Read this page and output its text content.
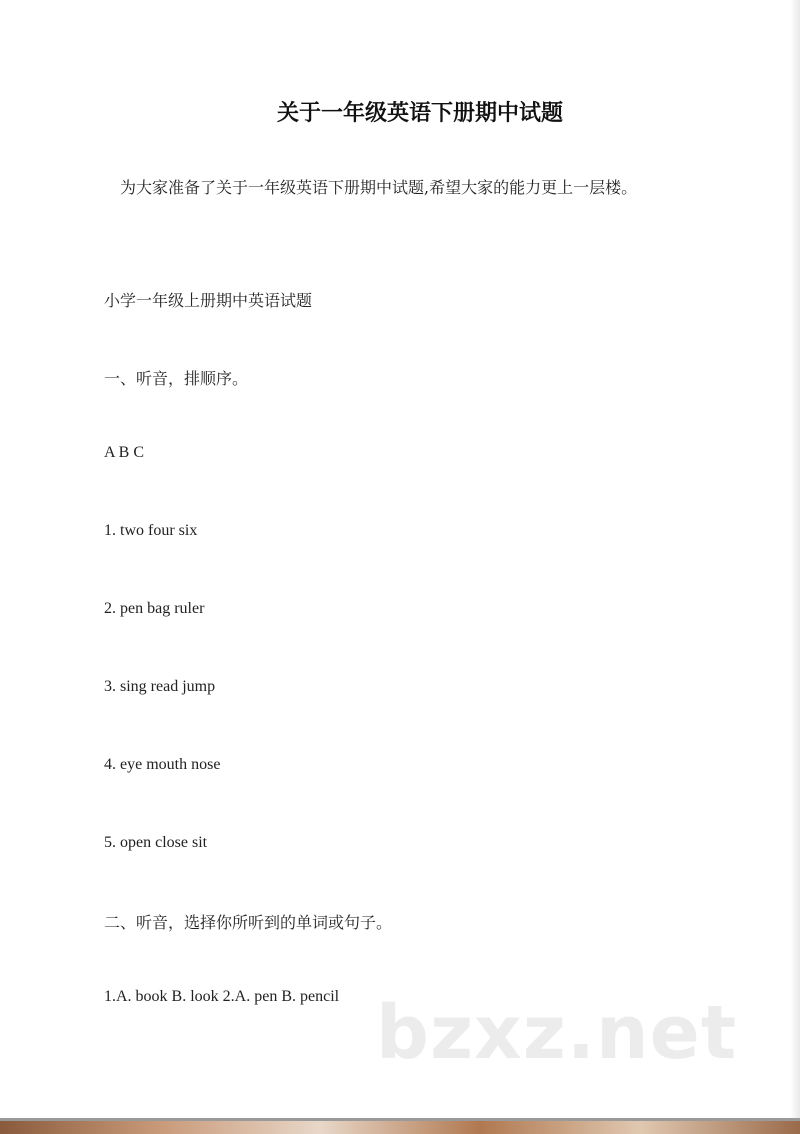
关于一年级英语下册期中试题

为大家准备了关于一年级英语下册期中试题,希望大家的能力更上一层楼。

小学一年级上册期中英语试题
一、听音，排顺序。
A B C
1. two four six
2. pen bag ruler
3. sing read jump
4. eye mouth nose
5. open close sit
二、听音，选择你所听到的单词或句子。
1.A. book B. look 2.A. pen B. pencil bzxz.net
